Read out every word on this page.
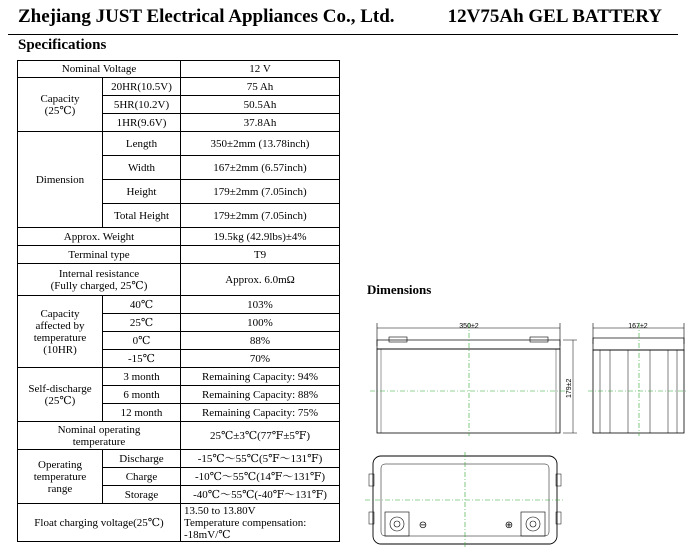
Zhejiang JUST Electrical Appliances Co., Ltd.	12V75Ah GEL BATTERY
Specifications
Nominal Voltage		12 V
Capacity
(25℃)	20HR(10.5V)	75 Ah
	5HR(10.2V)	50.5Ah
	1HR(9.6V)	37.8Ah
Dimension	Length	350±2mm (13.78inch)
	Width	167±2mm (6.57inch)
	Height	179±2mm (7.05inch)
	Total Height	179±2mm (7.05inch)
Approx. Weight		19.5kg (42.9lbs)±4%
Terminal type		T9
Internal resistance
(Fully charged, 25℃)		Approx. 6.0mΩ
Capacity
affected by
temperature
(10HR)	40℃	103%
	25℃	100%
	0℃	88%
	-15℃	70%
Self-discharge
(25℃)	3 month	Remaining Capacity: 94%
	6 month	Remaining Capacity: 88%
	12 month	Remaining Capacity: 75%
Nominal operating
temperature		25℃±3℃(77℉±5℉)
Operating
temperature
range	Discharge	-15℃～55℃(5℉～131℉)
	Charge	-10℃～55℃(14℉～131℉)
	Storage	-40℃～55℃(-40℉～131℉)
Float charging voltage(25℃)		13.50 to 13.80V
Temperature compensation:
-18mV/℃
Dimensions
350±2
179±2
167±2
⊖	⊕
